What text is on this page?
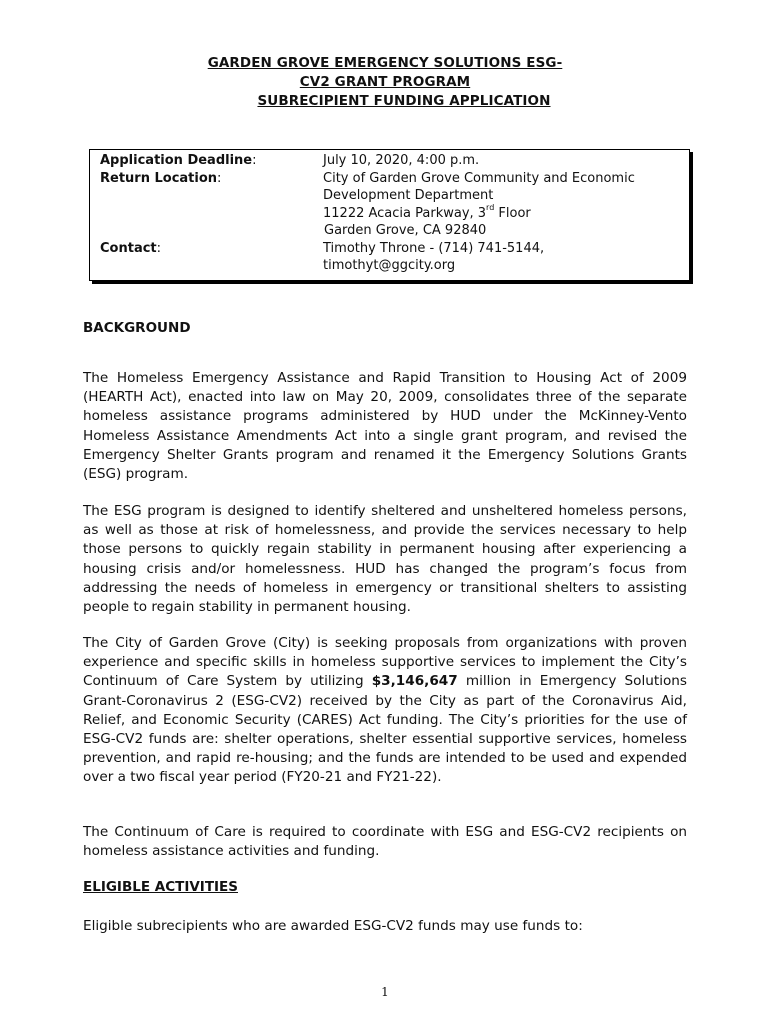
GARDEN GROVE EMERGENCY SOLUTIONS ESG-
CV2 GRANT PROGRAM
SUBRECIPIENT FUNDING APPLICATION
Application Deadline:	July 10, 2020, 4:00 p.m.
Return Location:	City of Garden Grove Community and Economic
Development Department
11222 Acacia Parkway, 3rd Floor
Garden Grove, CA 92840
Contact:	Timothy Throne - (714) 741-5144,
timothyt@ggcity.org
BACKGROUND
The Homeless Emergency Assistance and Rapid Transition to Housing Act of 2009 (HEARTH Act), enacted into law on May 20, 2009, consolidates three of the separate homeless assistance programs administered by HUD under the McKinney-Vento Homeless Assistance Amendments Act into a single grant program, and revised the Emergency Shelter Grants program and renamed it the Emergency Solutions Grants (ESG) program.
The ESG program is designed to identify sheltered and unsheltered homeless persons, as well as those at risk of homelessness, and provide the services necessary to help those persons to quickly regain stability in permanent housing after experiencing a housing crisis and/or homelessness. HUD has changed the program’s focus from addressing the needs of homeless in emergency or transitional shelters to assisting people to regain stability in permanent housing.
The City of Garden Grove (City) is seeking proposals from organizations with proven experience and specific skills in homeless supportive services to implement the City’s Continuum of Care System by utilizing $3,146,647 million in Emergency Solutions Grant-Coronavirus 2 (ESG-CV2) received by the City as part of the Coronavirus Aid, Relief, and Economic Security (CARES) Act funding. The City’s priorities for the use of ESG-CV2 funds are: shelter operations, shelter essential supportive services, homeless prevention, and rapid re-housing; and the funds are intended to be used and expended over a two fiscal year period (FY20-21 and FY21-22).
The Continuum of Care is required to coordinate with ESG and ESG-CV2 recipients on homeless assistance activities and funding.
ELIGIBLE ACTIVITIES
Eligible subrecipients who are awarded ESG-CV2 funds may use funds to:
1
